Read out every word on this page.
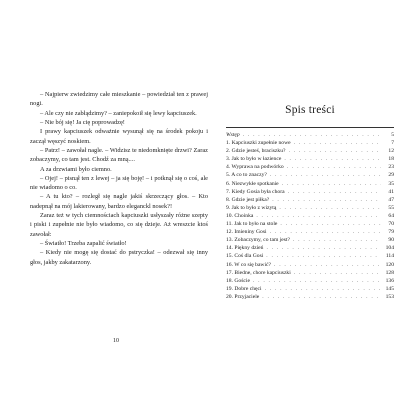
– Najpierw zwiedzimy całe mieszkanie – powiedział ten z prawej nogi.

– Ale czy nie zabłądzimy? – zaniepokoił się lewy kapciuszek.

– Nie bój się! Ja cię poprowadzę!

I prawy kapciuszek odważnie wysunął się na środek pokoju i zaczął węszyć noskiem.

– Patrz! – zawołał nagle. – Widzisz te niedomknięte drzwi? Zaraz zobaczymy, co tam jest. Chodź za mną....

A za drzwiami było ciemno.

– Ojej! – pisnął ten z lewej – ja się boję! – i potknął się o coś, ale nie wiadomo o co.

– A tu kto? – rozległ się nagle jakiś skrzeczący głos. – Kto nadepnął na mój lakierowany, bardzo eleganckl nosek?!

Zaraz też w tych ciemnościach kapciuszki usłyszały różne szepty i piski i zupełnie nie było wiadomo, co się dzieje. Aż wreszcie ktoś zawołał:

– Światło! Trzeba zapalić światło!

– Kiedy nie mogę się dostać do pstryczka! – odezwał się inny głos, jakby zakatarzony.

10
Spis treści
Wstęp . . .	5
1. Kapciuszki zupełnie nowe . . .	7
2. Gdzie jesteś, braciszku? . . .	12
3. Jak to było w łazience . . .	18
4. Wyprawa na podwórko . . .	23
5. A co to znaczy? . . .	29
6. Niezwykłe spotkanie . . .	35
7. Kiedy Gosia była chora . . .	41
8. Gdzie jest piłka? . . .	47
9. Jak to było z wizytą . . .	55
10. Choinka . . .	64
11. Jak to było na stole . . .	70
12. Imieniny Gosi . . .	79
13. Zobaczymy, co tam jest? . . .	90
14. Piękny dzień . . .	104
15. Coś dla Gosi . . .	114
16. W co się bawić? . . .	120
17. Biedne, chore kapciuszki . . .	128
18. Goście . . .	136
19. Dobre chęci . . .	145
20. Przyjaciele . . .	153
